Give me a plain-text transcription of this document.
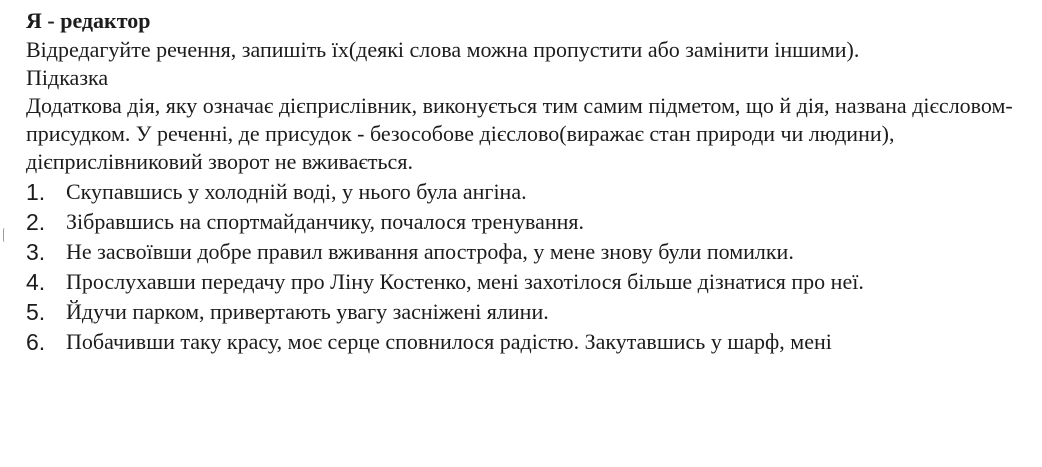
Я - редактор

Відредагуйте речення, запишіть їх(деякі слова можна пропустити або замінити іншими).

Підказка

Додаткова дія, яку означає дієприслівник, виконується тим самим підметом, що й дія, названа дієсловом-присудком. У реченні, де присудок - безособове дієслово(виражає стан природи чи людини), дієприслівниковий зворот не вживається.

1. Скупавшись у холодній воді, у нього була ангіна.
2. Зібравшись на спортмайданчику, почалося тренування.
3. Не засвоївши добре правил вживання апострофа, у мене знову були помилки.
4. Прослухавши передачу про Ліну Костенко, мені захотілося більше дізнатися про неї.
5. Йдучи парком, привертають увагу засніжені ялини.
6. Побачивши таку красу, моє серце сповнилося радістю. Закутавшись у шарф, мені
